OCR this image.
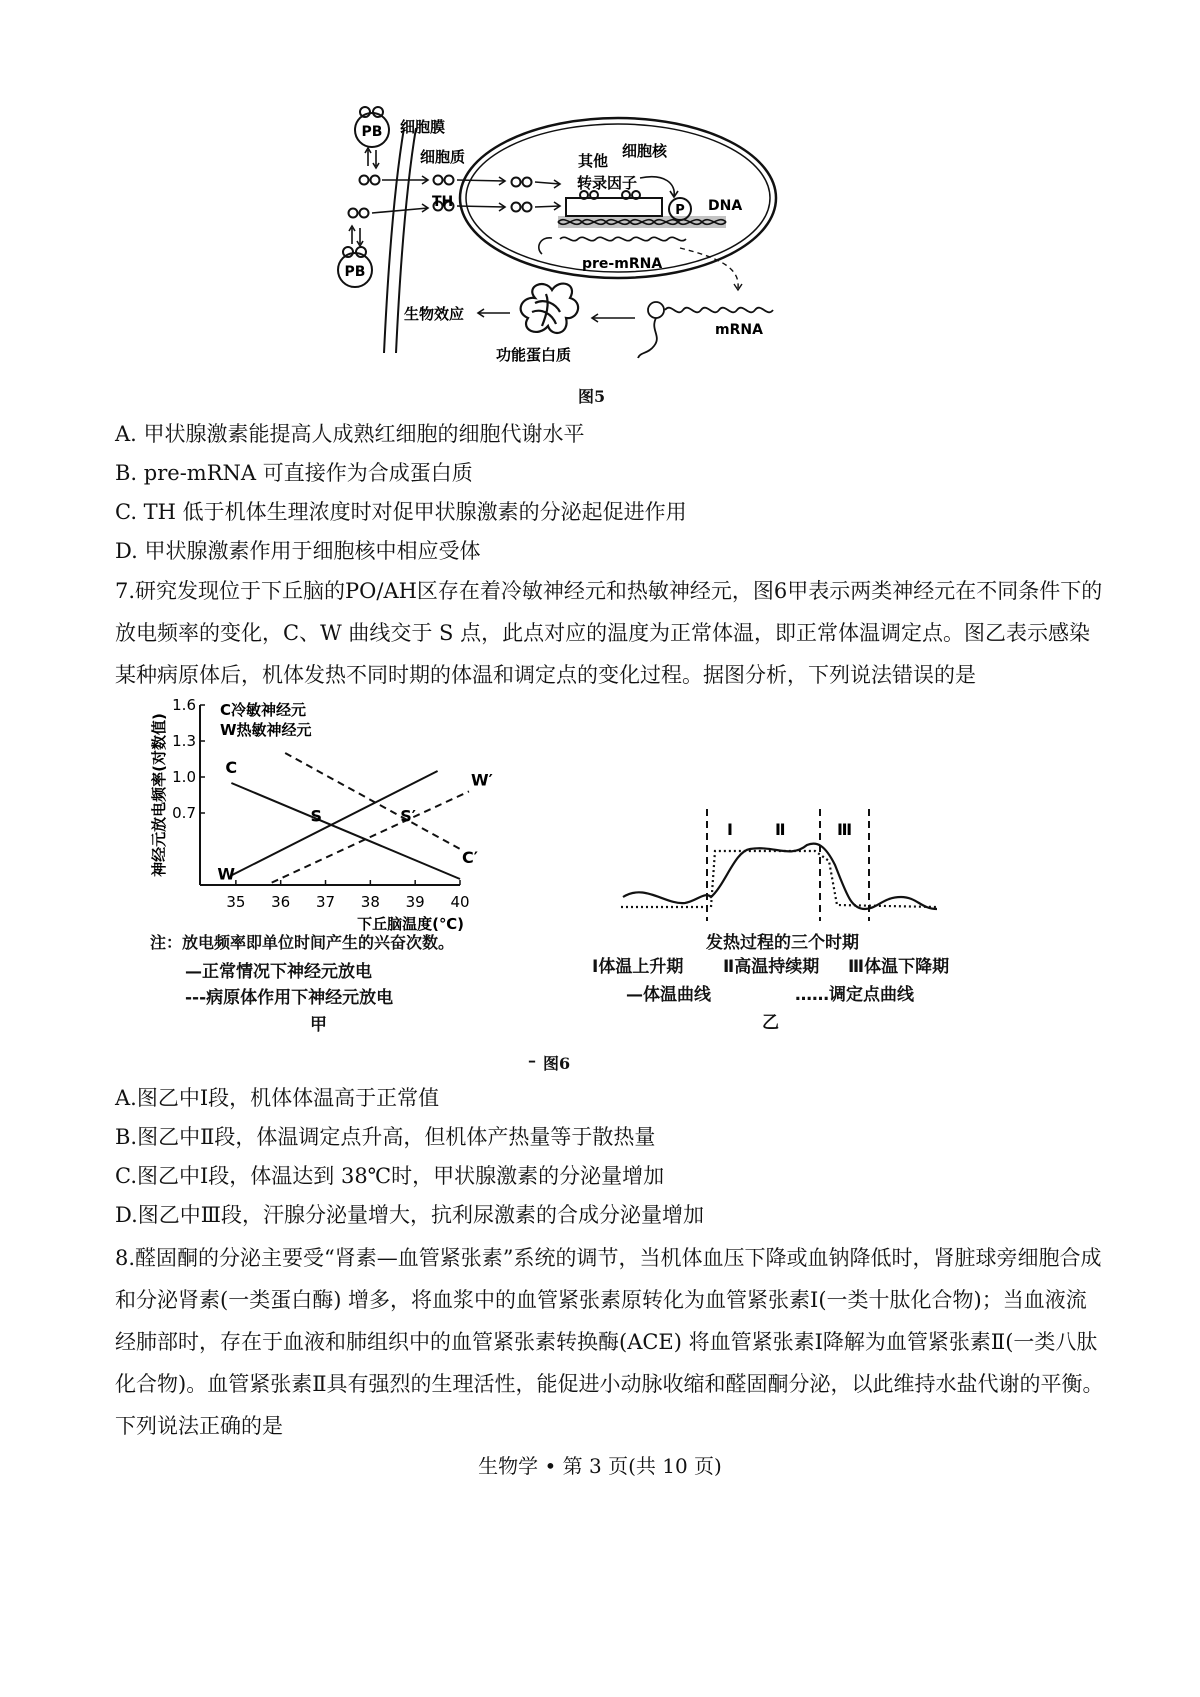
PB
PB
细胞膜
细胞质
TH
细胞核
其他
转录因子
P DNA
pre-mRNA
mRNA
生物效应
功能蛋白质
图5
A. 甲状腺激素能提高人成熟红细胞的细胞代谢水平
B. pre-mRNA 可直接作为合成蛋白质
C. TH 低于机体生理浓度时对促甲状腺激素的分泌起促进作用
D. 甲状腺激素作用于细胞核中相应受体
7.研究发现位于下丘脑的PO/AH区存在着冷敏神经元和热敏神经元，图6甲表示两类神经元在不同条件下的放电频率的变化，C、W 曲线交于 S 点，此点对应的温度为正常体温，即正常体温调定点。图乙表示感染某种病原体后，机体发热不同时期的体温和调定点的变化过程。据图分析，下列说法错误的是
0.7
1.0
1.3
1.6
35 36 37 38 39 40
神经元放电频率(对数值)
下丘脑温度(℃)
C冷敏神经元
W热敏神经元
C
W
C′
W′
S	S′
注：放电频率即单位时间产生的兴奋次数。
—正常情况下神经元放电
---病原体作用下神经元放电
甲
Ⅰ	Ⅱ	Ⅲ
发热过程的三个时期
Ⅰ体温上升期 Ⅱ高温持续期 Ⅲ体温下降期
—体温曲线	……调定点曲线
乙
– 图6
A.图乙中Ⅰ段，机体体温高于正常值
B.图乙中Ⅱ段，体温调定点升高，但机体产热量等于散热量
C.图乙中Ⅰ段，体温达到 38℃时，甲状腺激素的分泌量增加
D.图乙中Ⅲ段，汗腺分泌量增大，抗利尿激素的合成分泌量增加
8.醛固酮的分泌主要受“肾素—血管紧张素”系统的调节，当机体血压下降或血钠降低时，肾脏球旁细胞合成和分泌肾素(一类蛋白酶) 增多，将血浆中的血管紧张素原转化为血管紧张素Ⅰ(一类十肽化合物)；当血液流经肺部时，存在于血液和肺组织中的血管紧张素转换酶(ACE) 将血管紧张素Ⅰ降解为血管紧张素Ⅱ(一类八肽化合物)。血管紧张素Ⅱ具有强烈的生理活性，能促进小动脉收缩和醛固酮分泌，以此维持水盐代谢的平衡。下列说法正确的是
生物学 • 第 3 页(共 10 页)
